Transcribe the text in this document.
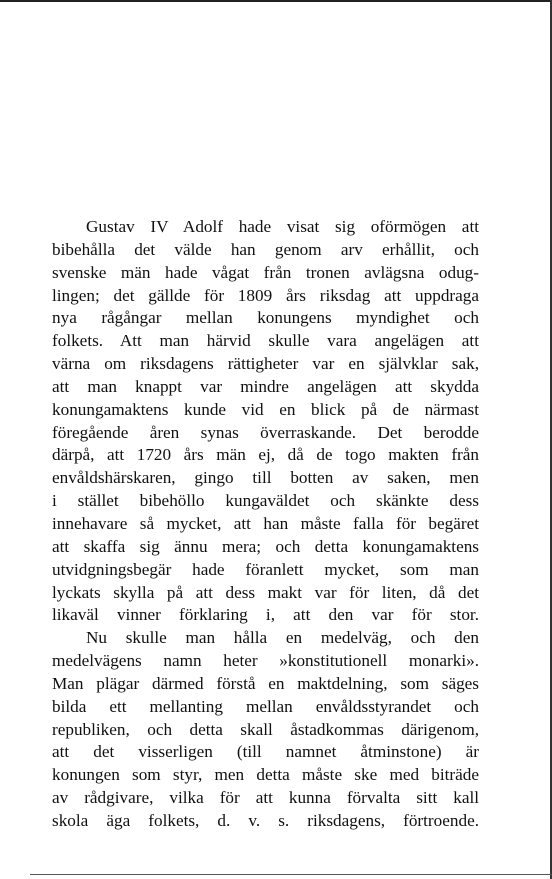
Gustav IV Adolf hade visat sig oförmögen att
bibehålla det välde han genom arv erhållit, och
svenske män hade vågat från tronen avlägsna odug-
lingen; det gällde för 1809 års riksdag att uppdraga
nya rågångar mellan konungens myndighet och
folkets. Att man härvid skulle vara angelägen att
värna om riksdagens rättigheter var en självklar sak,
att man knappt var mindre angelägen att skydda
konungamaktens kunde vid en blick på de närmast
föregående åren synas överraskande. Det berodde
därpå, att 1720 års män ej, då de togo makten från
envåldshärskaren, gingo till botten av saken, men
i stället bibehöllo kungaväldet och skänkte dess
innehavare så mycket, att han måste falla för begäret
att skaffa sig ännu mera; och detta konungamaktens
utvidgningsbegär hade föranlett mycket, som man
lyckats skylla på att dess makt var för liten, då det
likaväl vinner förklaring i, att den var för stor.
Nu skulle man hålla en medelväg, och den
medelvägens namn heter »konstitutionell monarki».
Man plägar därmed förstå en maktdelning, som säges
bilda ett mellanting mellan envåldsstyrandet och
republiken, och detta skall åstadkommas därigenom,
att det visserligen (till namnet åtminstone) är
konungen som styr, men detta måste ske med biträde
av rådgivare, vilka för att kunna förvalta sitt kall
skola äga folkets, d. v. s. riksdagens, förtroende.
